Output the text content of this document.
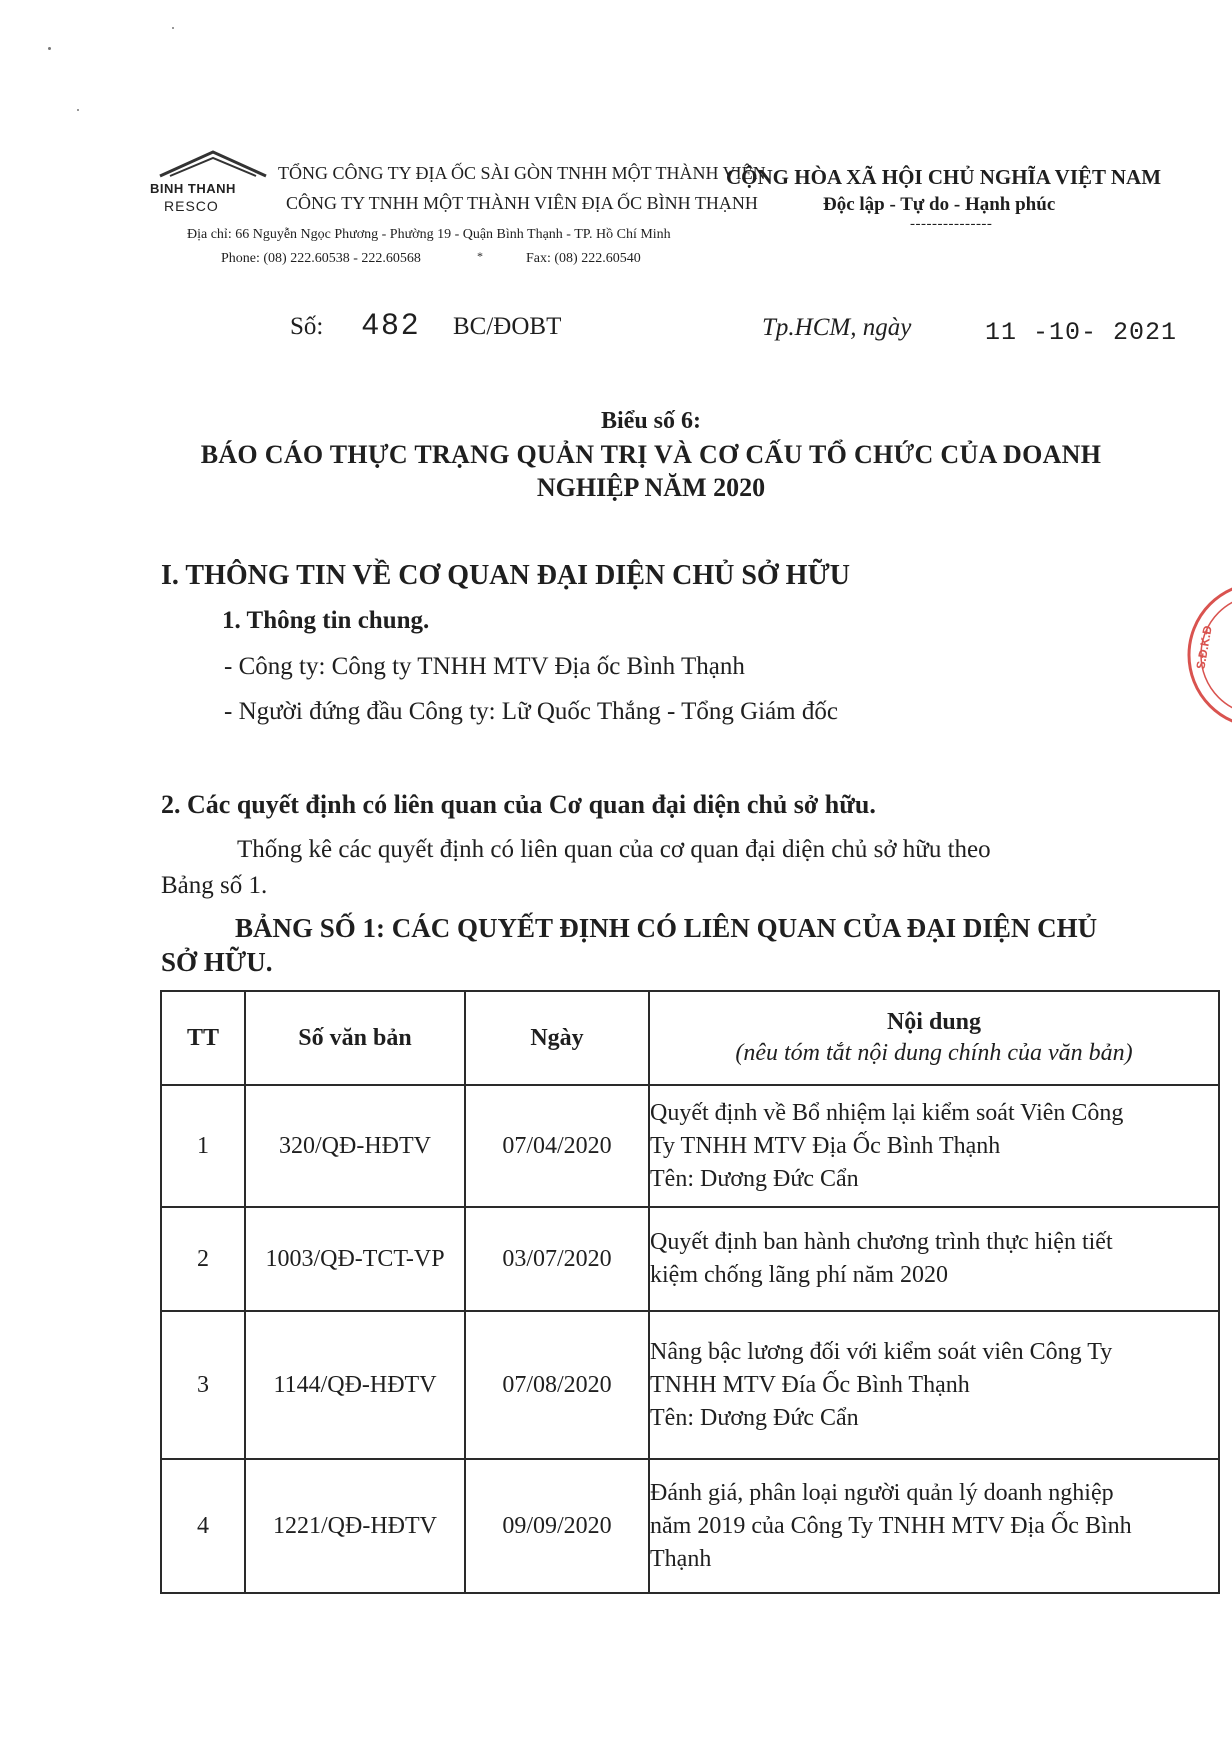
BINH THANH
RESCO
TỔNG CÔNG TY ĐỊA ỐC SÀI GÒN TNHH MỘT THÀNH VIÊN
CÔNG TY TNHH MỘT THÀNH VIÊN ĐỊA ỐC BÌNH THẠNH
Địa chỉ: 66 Nguyễn Ngọc Phương - Phường 19 - Quận Bình Thạnh - TP. Hồ Chí Minh
Phone: (08) 222.60538 - 222.60568	*	Fax: (08) 222.60540
CỘNG HÒA XÃ HỘI CHỦ NGHĨA VIỆT NAM
Độc lập - Tự do - Hạnh phúc
---------------
Số: 482 BC/ĐOBT	Tp.HCM, ngày	11 -10- 2021
Biểu số 6:
BÁO CÁO THỰC TRẠNG QUẢN TRỊ VÀ CƠ CẤU TỔ CHỨC CỦA DOANH
NGHIỆP NĂM 2020
I. THÔNG TIN VỀ CƠ QUAN ĐẠI DIỆN CHỦ SỞ HỮU
1. Thông tin chung.
- Công ty: Công ty TNHH MTV Địa ốc Bình Thạnh
- Người đứng đầu Công ty: Lữ Quốc Thắng - Tổng Giám đốc
2. Các quyết định có liên quan của Cơ quan đại diện chủ sở hữu.
Thống kê các quyết định có liên quan của cơ quan đại diện chủ sở hữu theo
Bảng số 1.
BẢNG SỐ 1: CÁC QUYẾT ĐỊNH CÓ LIÊN QUAN CỦA ĐẠI DIỆN CHỦ
SỞ HỮU.
S.Đ.K.Đ
TT	Số văn bản	Ngày	Nội dung
(nêu tóm tắt nội dung chính của văn bản)

1	320/QĐ-HĐTV	07/04/2020	Quyết định về Bổ nhiệm lại kiểm soát Viên Công
Ty TNHH MTV Địa Ốc Bình Thạnh
Tên: Dương Đức Cẩn

2	1003/QĐ-TCT-VP	03/07/2020	Quyết định ban hành chương trình thực hiện tiết
kiệm chống lãng phí năm 2020

3	1144/QĐ-HĐTV	07/08/2020	Nâng bậc lương đối với kiểm soát viên Công Ty
TNHH MTV Đía Ốc Bình Thạnh
Tên: Dương Đức Cẩn

4	1221/QĐ-HĐTV	09/09/2020	Đánh giá, phân loại người quản lý doanh nghiệp
năm 2019 của Công Ty TNHH MTV Địa Ốc Bình
Thạnh
